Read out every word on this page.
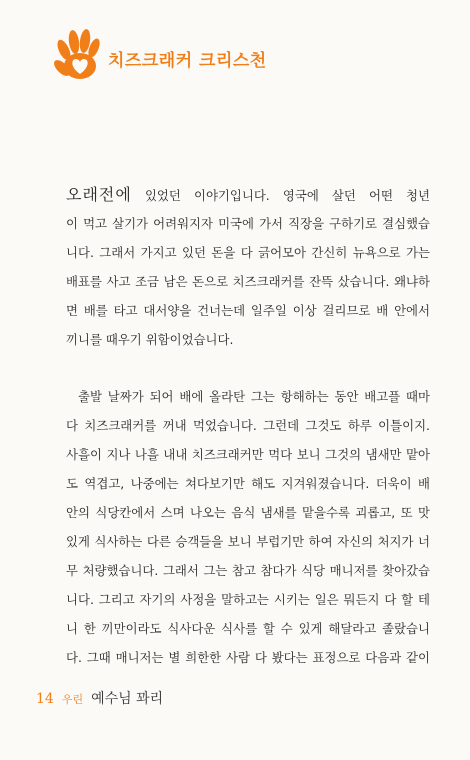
치즈크래커 크리스천
오래전에 있었던 이야기입니다. 영국에 살던 어떤 청년
이 먹고 살기가 어려워지자 미국에 가서 직장을 구하기로 결심했습
니다. 그래서 가지고 있던 돈을 다 긁어모아 간신히 뉴욕으로 가는
배표를 사고 조금 남은 돈으로 치즈크래커를 잔뜩 샀습니다. 왜냐하
면 배를 타고 대서양을 건너는데 일주일 이상 걸리므로 배 안에서
끼니를 때우기 위함이었습니다.
출발 날짜가 되어 배에 올라탄 그는 항해하는 동안 배고플 때마
다 치즈크래커를 꺼내 먹었습니다. 그런데 그것도 하루 이틀이지.
사흘이 지나 나흘 내내 치즈크래커만 먹다 보니 그것의 냄새만 맡아
도 역겹고, 나중에는 쳐다보기만 해도 지겨워졌습니다. 더욱이 배
안의 식당칸에서 스며 나오는 음식 냄새를 맡을수록 괴롭고, 또 맛
있게 식사하는 다른 승객들을 보니 부럽기만 하여 자신의 처지가 너
무 처량했습니다. 그래서 그는 참고 참다가 식당 매니저를 찾아갔습
니다. 그리고 자기의 사정을 말하고는 시키는 일은 뭐든지 다 할 테
니 한 끼만이라도 식사다운 식사를 할 수 있게 해달라고 졸랐습니
다. 그때 매니저는 별 희한한 사람 다 봤다는 표정으로 다음과 같이
14 우린 예수님 꽈리
